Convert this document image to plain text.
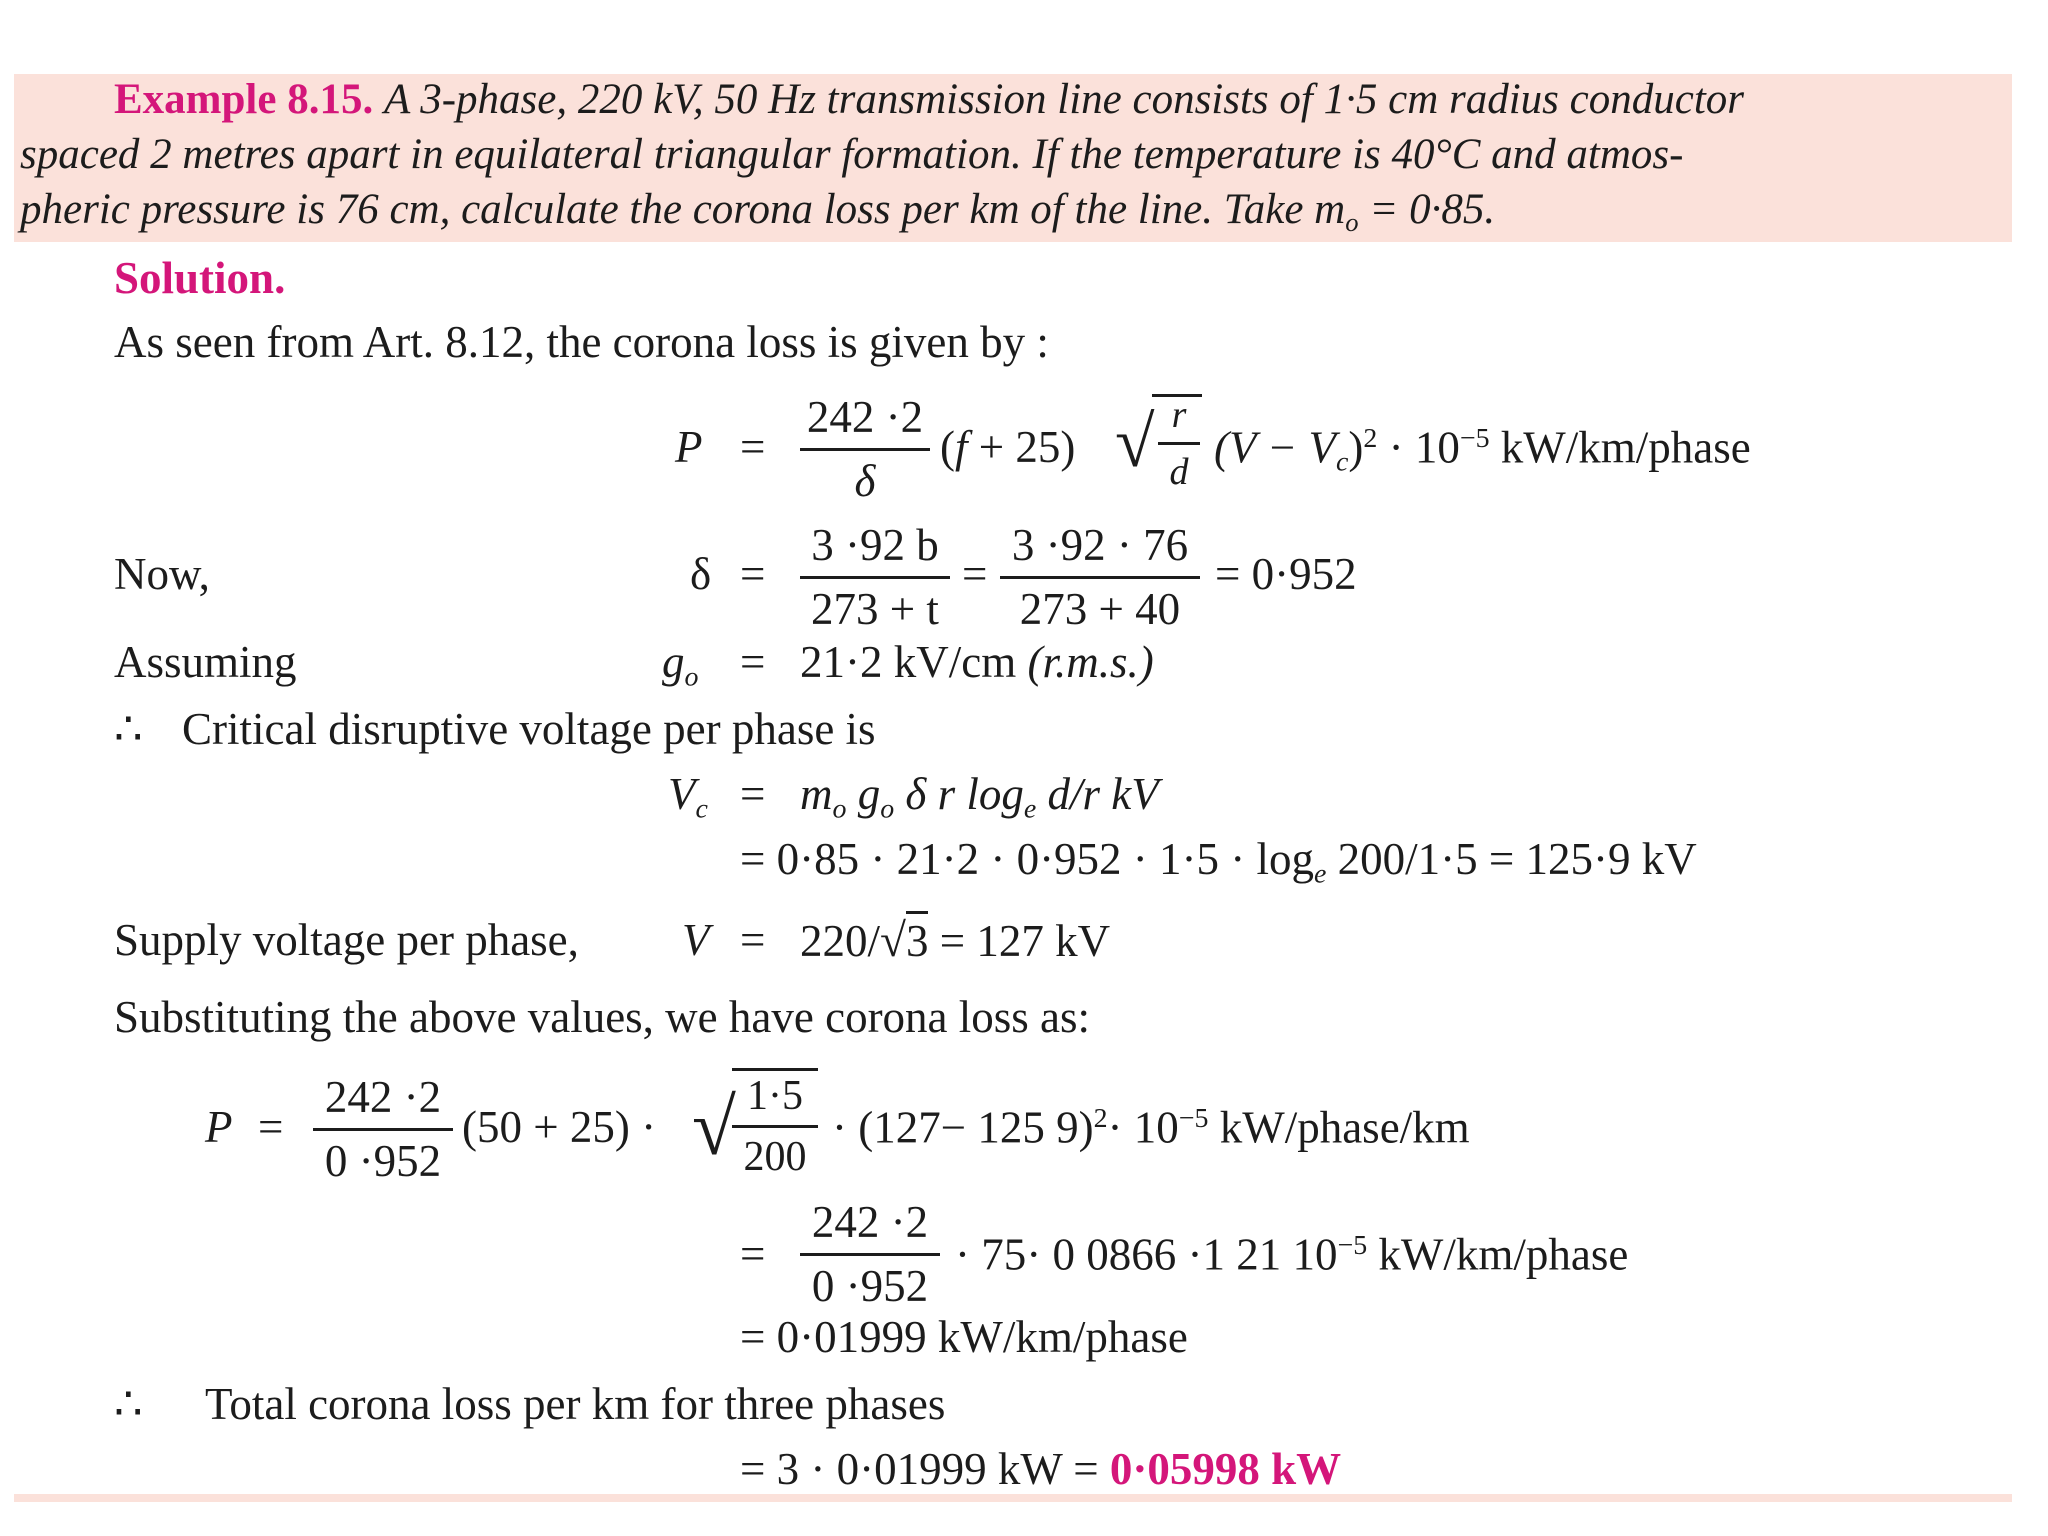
Example 8.15. A 3-phase, 220 kV, 50 Hz transmission line consists of 1·5 cm radius conductor
spaced 2 metres apart in equilateral triangular formation. If the temperature is 40°C and atmos-
pheric pressure is 76 cm, calculate the corona loss per km of the line. Take $m_o = 0\cdot 85$.
Solution.
As seen from Art. 8.12, the corona loss is given by :
$P = \frac{242 \cdot 2}{\delta} (f + 25)$ √ $\frac{r}{d} (V - V_c)^2 \cdot 10^{-5}$ kW/km/phase
Now,	$\delta = \frac{3 \cdot 92 b}{273 + t} = \frac{3 \cdot 92 \cdot 76}{273 + 40} = 0\cdot 952$
Assuming	$g_o = 21\cdot 2$ kV/cm (r.m.s.)
∴ Critical disruptive voltage per phase is
$V_c = m_o$ $g_o$ δ r $\log_e d/r$ kV
= $0\cdot 85 \cdot 21\cdot 2 \cdot 0\cdot 952 \cdot 1\cdot 5 \cdot \log_e 200/1\cdot 5 = 125\cdot 9$ kV
Supply voltage per phase, V = 220/√3 = 127 kV
Substituting the above values, we have corona loss as:
$P = \frac{242 \cdot 2}{0 \cdot 952} (50 + 25)$ · √
$\frac{1\cdot 5}{200} \cdot (127- 125$ $9)^2\cdot 10^{-5}$ kW/phase/km
= $\frac{242 \cdot 2}{0 \cdot 952} \cdot 75\cdot 0$ 0866 ·1 21 $10^{-5}$ kW/km/phase
= 0·01999 kW/km/phase
∴ Total corona loss per km for three phases
= 3 · 0·01999 kW = 0·05998 kW
